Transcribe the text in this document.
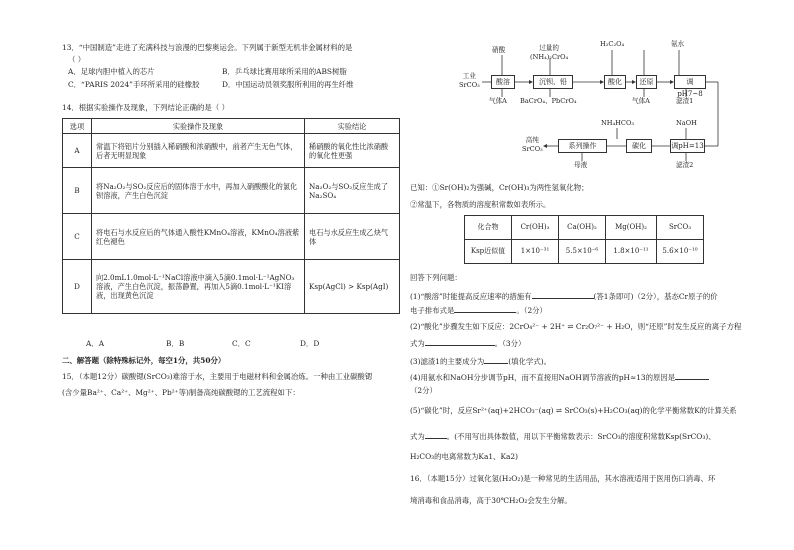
13．“中国制造”走进了充满科技与浪漫的巴黎奥运会。下列属于新型无机非金属材料的是
（ ）
A．足球内胆中植入的芯片	B．乒乓球比赛用球所采用的ABS树脂
C．“PARIS 2024”手环所采用的硅橡胶	D．中国运动员领奖服所利用的再生纤维
14．根据实验操作及现象，下列结论正确的是（ ）
选项	实验操作及现象	实验结论
A	常温下将铝片分别插入稀硝酸和浓硝酸中，前者产生无色气体，后者无明显现象	稀硝酸的氧化性比浓硝酸的氧化性更强
B	将Na₂O₂与SO₂反应后的固体溶于水中，再加入硝酸酸化的氯化钡溶液，产生白色沉淀	Na₂O₂与SO₂反应生成了Na₂SO₄
C	将电石与水反应后的气体通入酸性KMnO₄溶液，KMnO₄溶液紫红色褪色	电石与水反应生成乙炔气体
D	向2.0mL1.0mol·L⁻¹NaCl溶液中滴入5滴0.1mol·L⁻¹AgNO₃溶液，产生白色沉淀，振荡静置，再加入5滴0.1mol·L⁻¹KI溶液，出现黄色沉淀	Ksp(AgCl) > Ksp(AgI)
A．A	B．B	C．C	D．D
二、解答题（除特殊标记外，每空1分，共50分）
15．（本题12分）碳酸锶(SrCO₃)难溶于水，主要用于电磁材料和金属冶炼。一种由工业碳酸锶
(含少量Ba²⁺、Ca²⁺、Mg²⁺、Pb²⁺等)制备高纯碳酸锶的工艺流程如下：
工业
SrCO₃
硝酸	过量的
(NH₄)₂CrO₄
H₂C₂O₄	氨水
酸溶	沉钡、铅	酸化	还原	调pH7~8
气体A BaCrO₄、PbCrO₄	气体A	滤渣1
NH₄HCO₃	NaOH
系列操作	碳化	调pH=13
高纯
SrCO₃
母液	滤渣2
已知：①Sr(OH)₂为强碱，Cr(OH)₃为两性氢氧化物；
②常温下，各物质的溶度积常数如表所示。
化合物	Cr(OH)₃	Ca(OH)₂	Mg(OH)₂	SrCO₃
Ksp近似值	1×10⁻³¹	5.5×10⁻⁶	1.8×10⁻¹¹	5.6×10⁻¹⁰
回答下列问题：
(1)“酸溶”时能提高反应速率的措施有	(答1条即可)（2分），基态Cr原子的价
电子排布式是	。（2分）
(2)“酸化”步骤发生如下反应：2CrO₄²⁻ + 2H⁺ ⇌ Cr₂O₇²⁻ + H₂O，则“还原”时发生反应的离子方程
式为	。（3分）
(3)滤渣1的主要成分为	(填化学式)。
(4)用氨水和NaOH分步调节pH，而不直接用NaOH调节溶液的pH≈13的原因是
（2分）
(5)“碳化”时，反应Sr²⁺(aq)+2HCO₃⁻(aq) ⇌ SrCO₃(s)+H₂CO₃(aq)的化学平衡常数K的计算关系
式为	。(不用写出具体数值，用以下平衡常数表示：SrCO₃的溶度积常数Ksp(SrCO₃)、
H₂CO₃的电离常数为Ka1、Ka2)
16．（本题15分）过氧化氢(H₂O₂)是一种常见的生活用品，其水溶液适用于医用伤口消毒、环
境消毒和食品消毒，高于30℃H₂O₂会发生分解。
